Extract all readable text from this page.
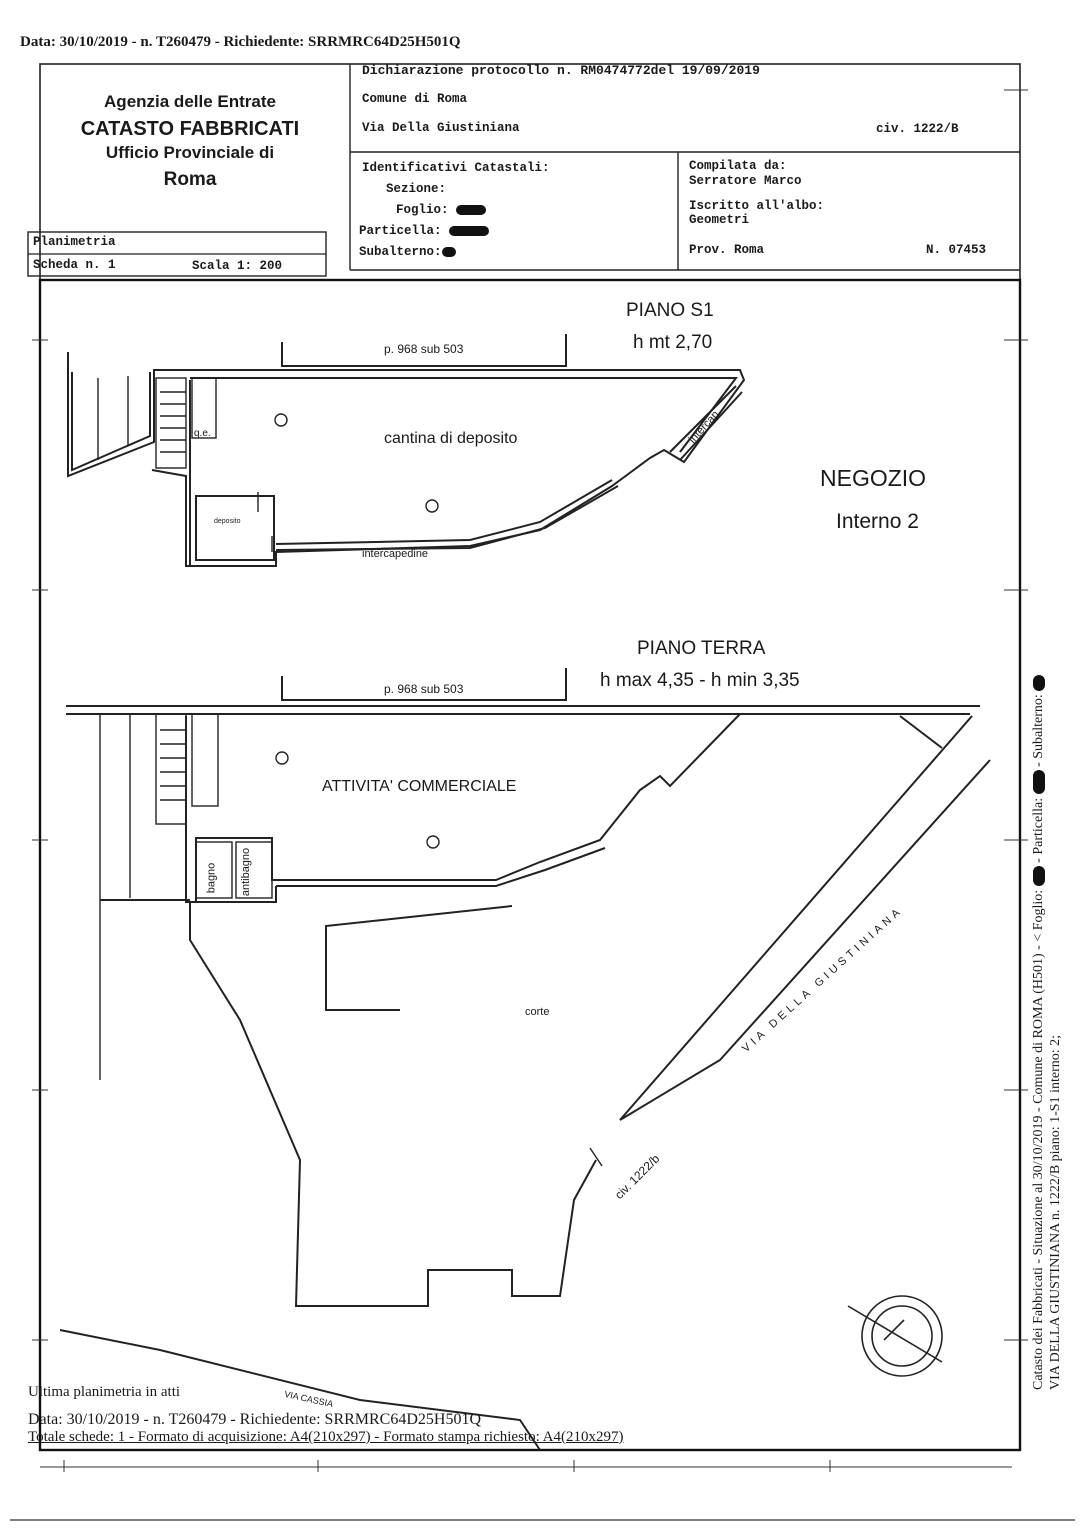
Data: 30/10/2019 - n. T260479 - Richiedente: SRRMRC64D25H501Q
Agenzia delle Entrate
CATASTO FABBRICATI
Ufficio Provinciale di
Roma
Planimetria
Scheda n. 1	Scala 1: 200
Dichiarazione protocollo n. RM0474772del 19/09/2019
Comune di Roma
Via Della Giustiniana	civ. 1222/B
Identificativi Catastali:
Sezione:
Foglio:
Particella:
Subalterno:
Compilata da:
Serratore Marco
Iscritto all'albo:
Geometri
Prov. Roma	N. 07453
PIANO S1
h mt 2,70
p. 968 sub 503
cantina di deposito
deposito
intercapedine
intercap.
q.e.
NEGOZIO
Interno 2
PIANO TERRA
h max 4,35 - h min 3,35
p. 968 sub 503
ATTIVITA' COMMERCIALE
bagno antibagno
corte	VIA DELLA GIUSTINIANA
civ. 1222/b
VIA CASSIA
Ultima planimetria in atti
Data: 30/10/2019 - n. T260479 - Richiedente: SRRMRC64D25H501Q
Totale schede: 1 - Formato di acquisizione: A4(210x297) - Formato stampa richiesto: A4(210x297)
Catasto dei Fabbricati - Situazione al 30/10/2019 - Comune di ROMA (H501) - < Foglio:  - Particella:  - Subalterno:
VIA DELLA GIUSTINIANA n. 1222/B piano: 1-S1 interno: 2;
